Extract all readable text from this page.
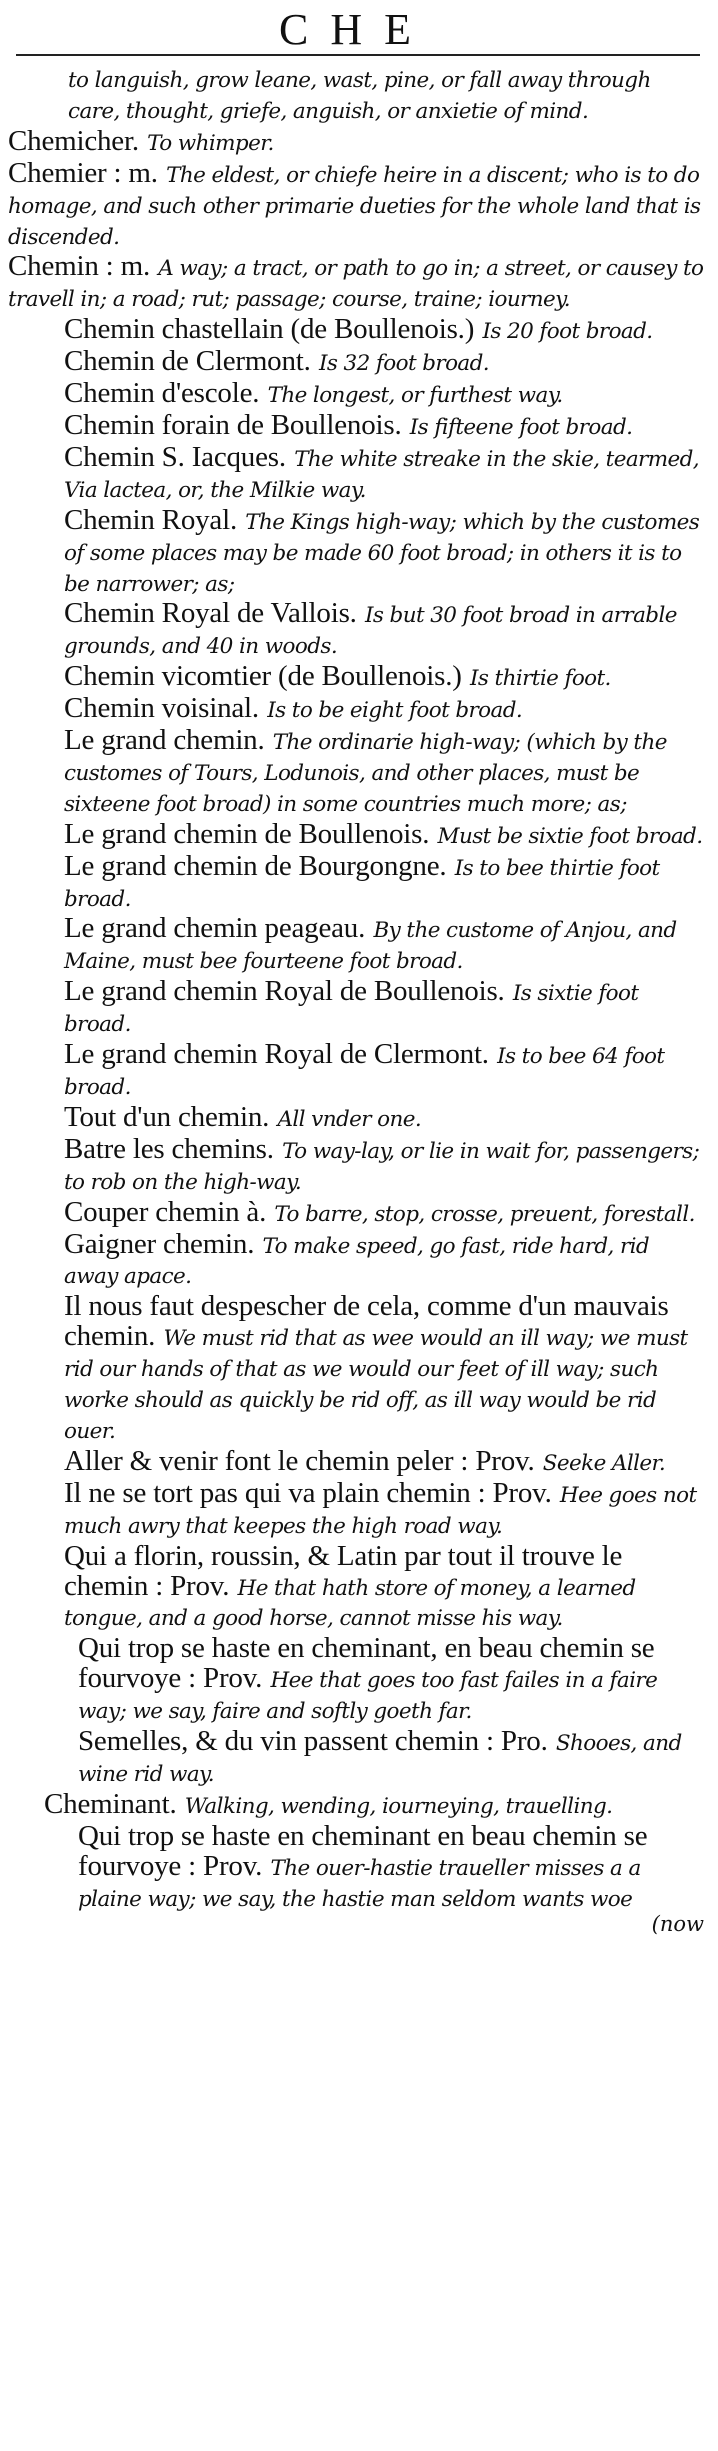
CHE
to languish, grow leane, wast, pine, or fall away through care, thought, griefe, anguish, or anxietie of mind.
Chemicher. To whimper.
Chemier : m. The eldest, or chiefe heire in a discent; who is to do homage, and such other primarie dueties for the whole land that is discended.
Chemin : m. A way; a tract, or path to go in; a street, or causey to travell in; a road; rut; passage; course, traine; iourney.
Chemin chastellain (de Boullenois.) Is 20 foot broad.
Chemin de Clermont. Is 32 foot broad.
Chemin d'escole. The longest, or furthest way.
Chemin forain de Boullenois. Is fifteene foot broad.
Chemin S. Iacques. The white streake in the skie, tearmed, Via lactea, or, the Milkie way.
Chemin Royal. The Kings high-way; which by the customes of some places may be made 60 foot broad; in others it is to be narrower; as;
Chemin Royal de Vallois. Is but 30 foot broad in arrable grounds, and 40 in woods.
Chemin vicomtier (de Boullenois.) Is thirtie foot.
Chemin voisinal. Is to be eight foot broad.
Le grand chemin. The ordinarie high-way; (which by the customes of Tours, Lodunois, and other places, must be sixteene foot broad) in some countries much more; as;
Le grand chemin de Boullenois. Must be sixtie foot broad.
Le grand chemin de Bourgongne. Is to bee thirtie foot broad.
Le grand chemin peageau. By the custome of Anjou, and Maine, must bee fourteene foot broad.
Le grand chemin Royal de Boullenois. Is sixtie foot broad.
Le grand chemin Royal de Clermont. Is to bee 64 foot broad.
Tout d'un chemin. All vnder one.
Batre les chemins. To way-lay, or lie in wait for, passengers; to rob on the high-way.
Couper chemin à. To barre, stop, crosse, preuent, forestall.
Gaigner chemin. To make speed, go fast, ride hard, rid away apace.
Il nous faut despescher de cela, comme d'un mauvais chemin. We must rid that as wee would an ill way; we must rid our hands of that as we would our feet of ill way; such worke should as quickly be rid off, as ill way would be rid ouer.
Aller & venir font le chemin peler : Prov. Seeke Aller.
Il ne se tort pas qui va plain chemin : Prov. Hee goes not much awry that keepes the high road way.
Qui a florin, roussin, & Latin par tout il trouve le chemin : Prov. He that hath store of money, a learned tongue, and a good horse, cannot misse his way.
Qui trop se haste en cheminant, en beau chemin se fourvoye : Prov. Hee that goes too fast failes in a faire way; we say, faire and softly goeth far.
Semelles, & du vin passent chemin : Pro. Shooes, and wine rid way.
Cheminant. Walking, wending, iourneying, trauelling.
Qui trop se haste en cheminant en beau chemin se fourvoye : Prov. The ouer-hastie traueller misses a a plaine way; we say, the hastie man seldom wants woe
(now
